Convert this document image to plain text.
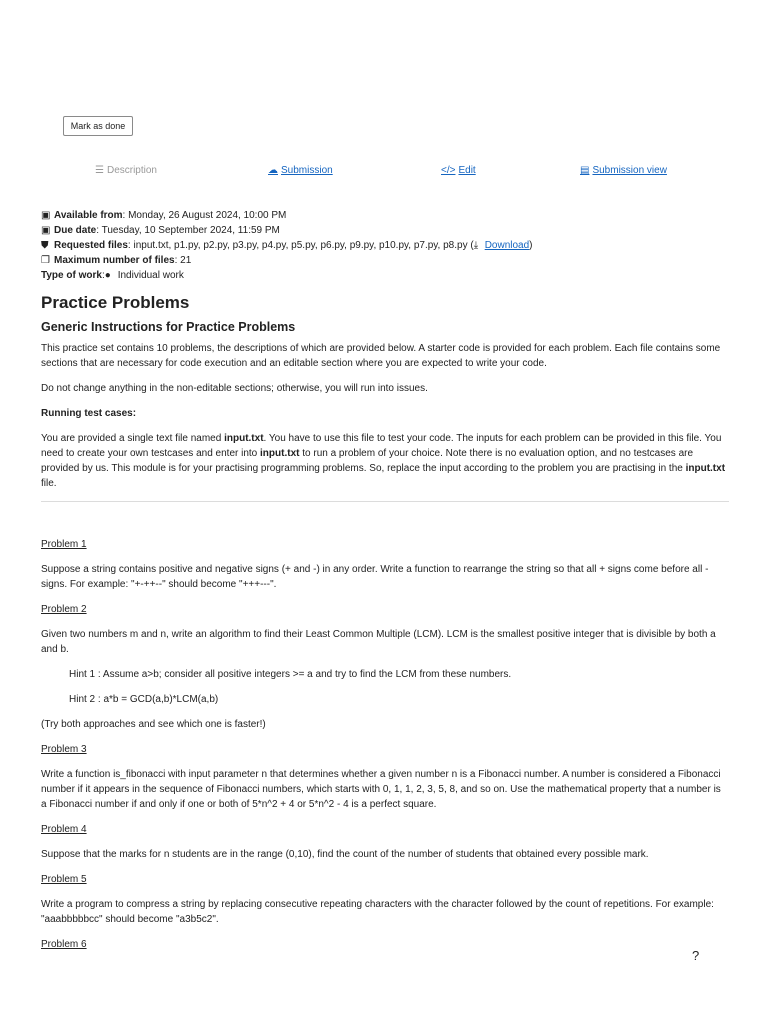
Mark as done
☰ Description	☁ Submission	</> Edit	▤ Submission view
▣ Available from : Monday, 26 August 2024, 10:00 PM
▣ Due date : Tuesday, 10 September 2024, 11:59 PM
⛊ Requested files : input.txt, p1.py, p2.py, p3.py, p4.py, p5.py, p6.py, p9.py, p10.py, p7.py, p8.py ( ⤓ Download )
❐ Maximum number of files : 21
Type of work : ● Individual work
Practice Problems
Generic Instructions for Practice Problems

This practice set contains 10 problems, the descriptions of which are provided below. A starter code is provided for each problem. Each file contains some sections that are necessary for code execution and an editable section where you are expected to write your code.

Do not change anything in the non-editable sections; otherwise, you will run into issues.

Running test cases:

You are provided a single text file named input.txt. You have to use this file to test your code. The inputs for each problem can be provided in this file. You need to create your own testcases and enter into input.txt to run a problem of your choice. Note there is no evaluation option, and no testcases are provided by us. This module is for your practising programming problems. So, replace the input according to the problem you are practising in the input.txt file.

Problem 1

Suppose a string contains positive and negative signs (+ and -) in any order. Write a function to rearrange the string so that all + signs come before all - signs. For example: "+-++--" should become "+++---".

Problem 2

Given two numbers m and n, write an algorithm to find their Least Common Multiple (LCM). LCM is the smallest positive integer that is divisible by both a and b.

Hint 1 : Assume a>b; consider all positive integers >= a and try to find the LCM from these numbers.

Hint 2 : a*b = GCD(a,b)*LCM(a,b)

(Try both approaches and see which one is faster!)

Problem 3

Write a function is_fibonacci with input parameter n that determines whether a given number n is a Fibonacci number. A number is considered a Fibonacci number if it appears in the sequence of Fibonacci numbers, which starts with 0, 1, 1, 2, 3, 5, 8, and so on. Use the mathematical property that a number is a Fibonacci number if and only if one or both of 5*n^2 + 4 or 5*n^2 - 4 is a perfect square.

Problem 4

Suppose that the marks for n students are in the range (0,10), find the count of the number of students that obtained every possible mark.

Problem 5

Write a program to compress a string by replacing consecutive repeating characters with the character followed by the count of repetitions. For example: "aaabbbbbcc" should become "a3b5c2".

Problem 6

?
